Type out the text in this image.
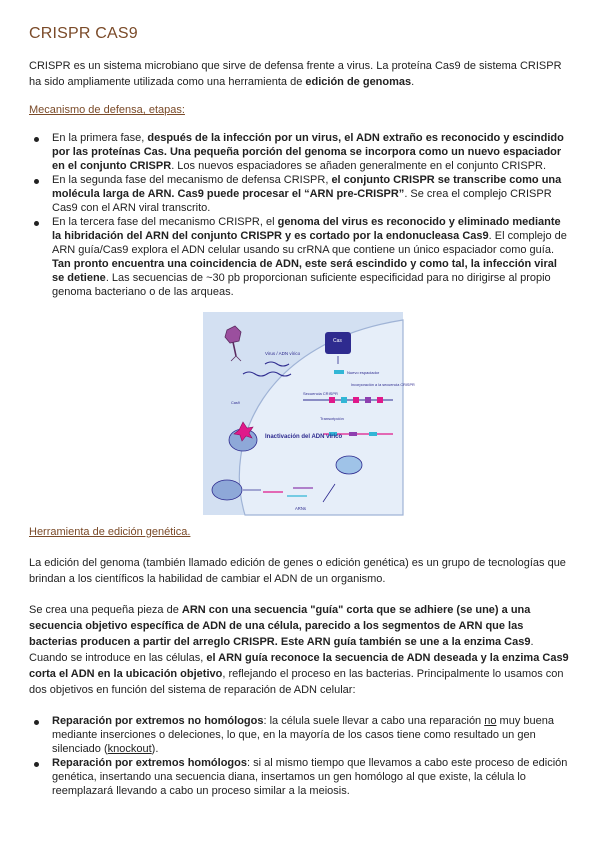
CRISPR CAS9

CRISPR es un sistema microbiano que sirve de defensa frente a virus. La proteína Cas9 de sistema CRISPR ha sido ampliamente utilizada como una herramienta de edición de genomas.

Mecanismo de defensa, etapas:

En la primera fase, después de la infección por un virus, el ADN extraño es reconocido y escindido por las proteínas Cas. Una pequeña porción del genoma se incorpora como un nuevo espaciador en el conjunto CRISPR. Los nuevos espaciadores se añaden generalmente en el conjunto CRISPR.

En la segunda fase del mecanismo de defensa CRISPR, el conjunto CRISPR se transcribe como una molécula larga de ARN. Cas9 puede procesar el “ARN pre-CRISPR”. Se crea el complejo CRISPR Cas9 con el ARN viral transcrito.

En la tercera fase del mecanismo CRISPR, el genoma del virus es reconocido y eliminado mediante la hibridación del ARN del conjunto CRISPR y es cortado por la endonucleasa Cas9. El complejo de ARN guía/Cas9 explora el ADN celular usando su crRNA que contiene un único espaciador como guía. Tan pronto encuentra una coincidencia de ADN, este será escindido y como tal, la infección viral se detiene. Las secuencias de ~30 pb proporcionan suficiente especificidad para no dirigirse al propio genoma bacteriano o de las arqueas.

Virus / ADN vírico
Cas
Nuevo espaciador
Incorporación a la secuencia CRISPR
Secuencia CRISPR
Transcripción
Cas9
Inactivación del ADN vírico
ARNs
Herramienta de edición genética.

La edición del genoma (también llamado edición de genes o edición genética) es un grupo de tecnologías que brindan a los científicos la habilidad de cambiar el ADN de un organismo.

Se crea una pequeña pieza de ARN con una secuencia "guía" corta que se adhiere (se une) a una secuencia objetivo específica de ADN de una célula, parecido a los segmentos de ARN que las bacterias producen a partir del arreglo CRISPR. Este ARN guía también se une a la enzima Cas9. Cuando se introduce en las células, el ARN guía reconoce la secuencia de ADN deseada y la enzima Cas9 corta el ADN en la ubicación objetivo, reflejando el proceso en las bacterias. Principalmente lo usamos con dos objetivos en función del sistema de reparación de ADN celular:

Reparación por extremos no homólogos: la célula suele llevar a cabo una reparación no muy buena mediante inserciones o deleciones, lo que, en la mayoría de los casos tiene como resultado un gen silenciado (knockout).

Reparación por extremos homólogos: si al mismo tiempo que llevamos a cabo este proceso de edición genética, insertando una secuencia diana, insertamos un gen homólogo al que existe, la célula lo reemplazará llevando a cabo un proceso similar a la meiosis.
